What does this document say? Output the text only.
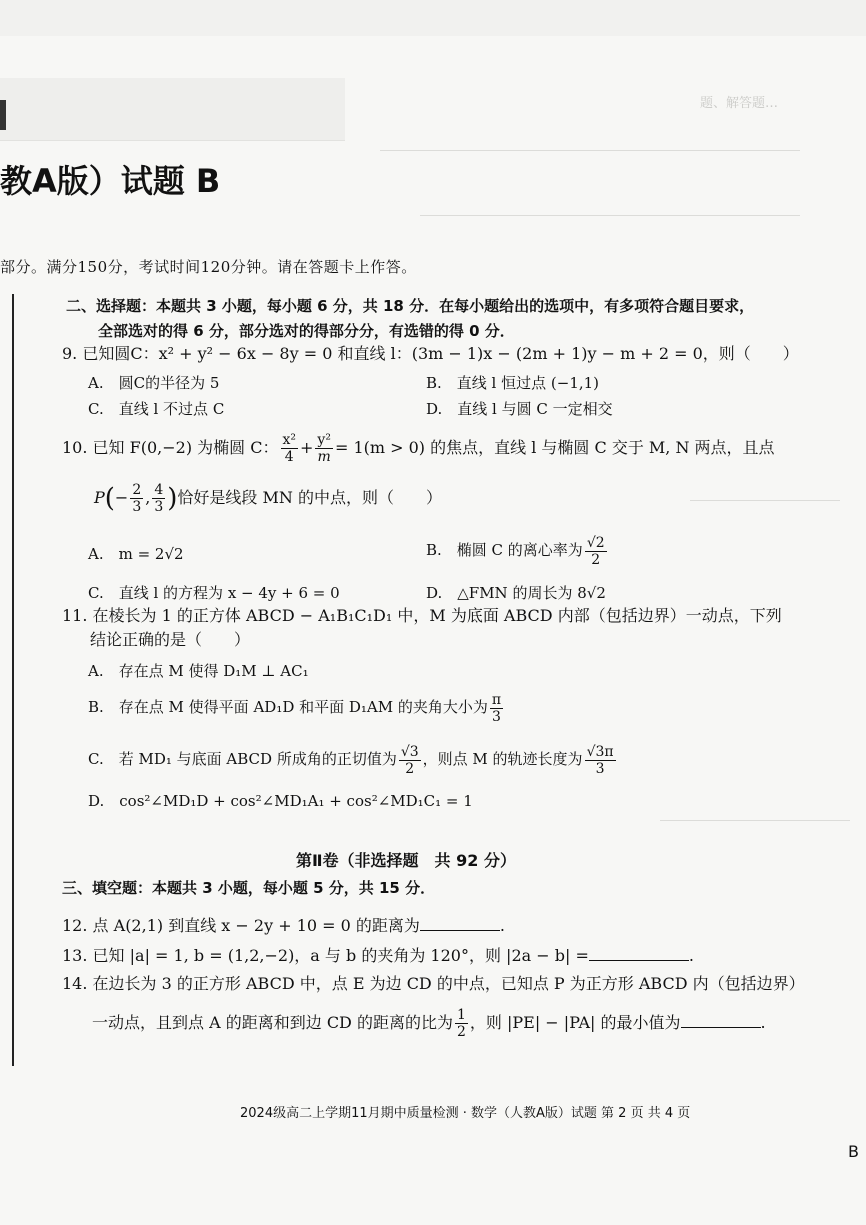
题、解答题…　　　　
教A版）试题 B
部分。满分150分，考试时间120分钟。请在答题卡上作答。
二、选择题：本题共 3 小题，每小题 6 分，共 18 分．在每小题给出的选项中，有多项符合题目要求，
全部选对的得 6 分，部分选对的得部分分，有选错的得 0 分．
9. 已知圆C：x² + y² − 6x − 8y = 0 和直线 l：(3m − 1)x − (2m + 1)y − m + 2 = 0，则（　　）
A.　圆C的半径为 5	B.　直线 l 恒过点 (−1,1)
C.　直线 l 不过点 C	D.　直线 l 与圆 C 一定相交
10. 已知 F(0,−2) 为椭圆 C： $\frac{\text{x²}}{4} + \frac{\text{y²}}{m} = 1(m > 0)$ 的焦点，直线 l 与椭圆 C 交于 M, N 两点，且点
$P(- \frac{2}{3}$ , $\frac{4}{3}$ )恰好是线段 MN 的中点，则（　　）
A.　m = 2√2	B.　椭圆 C 的离心率为 $\frac{√2}{2}$
C.　直线 l 的方程为 x − 4y + 6 = 0	D.　△FMN 的周长为 8√2
11. 在棱长为 1 的正方体 ABCD − A₁B₁C₁D₁ 中，M 为底面 ABCD 内部（包括边界）一动点，下列
结论正确的是（　　）
A.　存在点 M 使得 D₁M ⊥ AC₁
B.　存在点 M 使得平面 AD₁D 和平面 D₁AM 的夹角大小为 $\frac{\pi}{3}$
C.　若 MD₁ 与底面 ABCD 所成角的正切值为 $\frac{√3}{2}$ ，则点 M 的轨迹长度为 $\frac{√3\pi}{3}$
D.　cos²∠MD₁D + cos²∠MD₁A₁ + cos²∠MD₁C₁ = 1
第Ⅱ卷（非选择题　共 92 分）
三、填空题：本题共 3 小题，每小题 5 分，共 15 分．
12. 点 A(2,1) 到直线 x − 2y + 10 = 0 的距离为	.
13. 已知 |a| = 1, b = (1,2,−2)，a 与 b 的夹角为 120°，则 |2a − b| =	.
14. 在边长为 3 的正方形 ABCD 中，点 E 为边 CD 的中点，已知点 P 为正方形 ABCD 内（包括边界）
一动点，且到点 A 的距离和到边 CD 的距离的比为 $\frac{1}{2}$ ，则 |PE| − |PA| 的最小值为	.
2024级高二上学期11月期中质量检测 · 数学（人教A版）试题 第 2 页 共 4 页
B
